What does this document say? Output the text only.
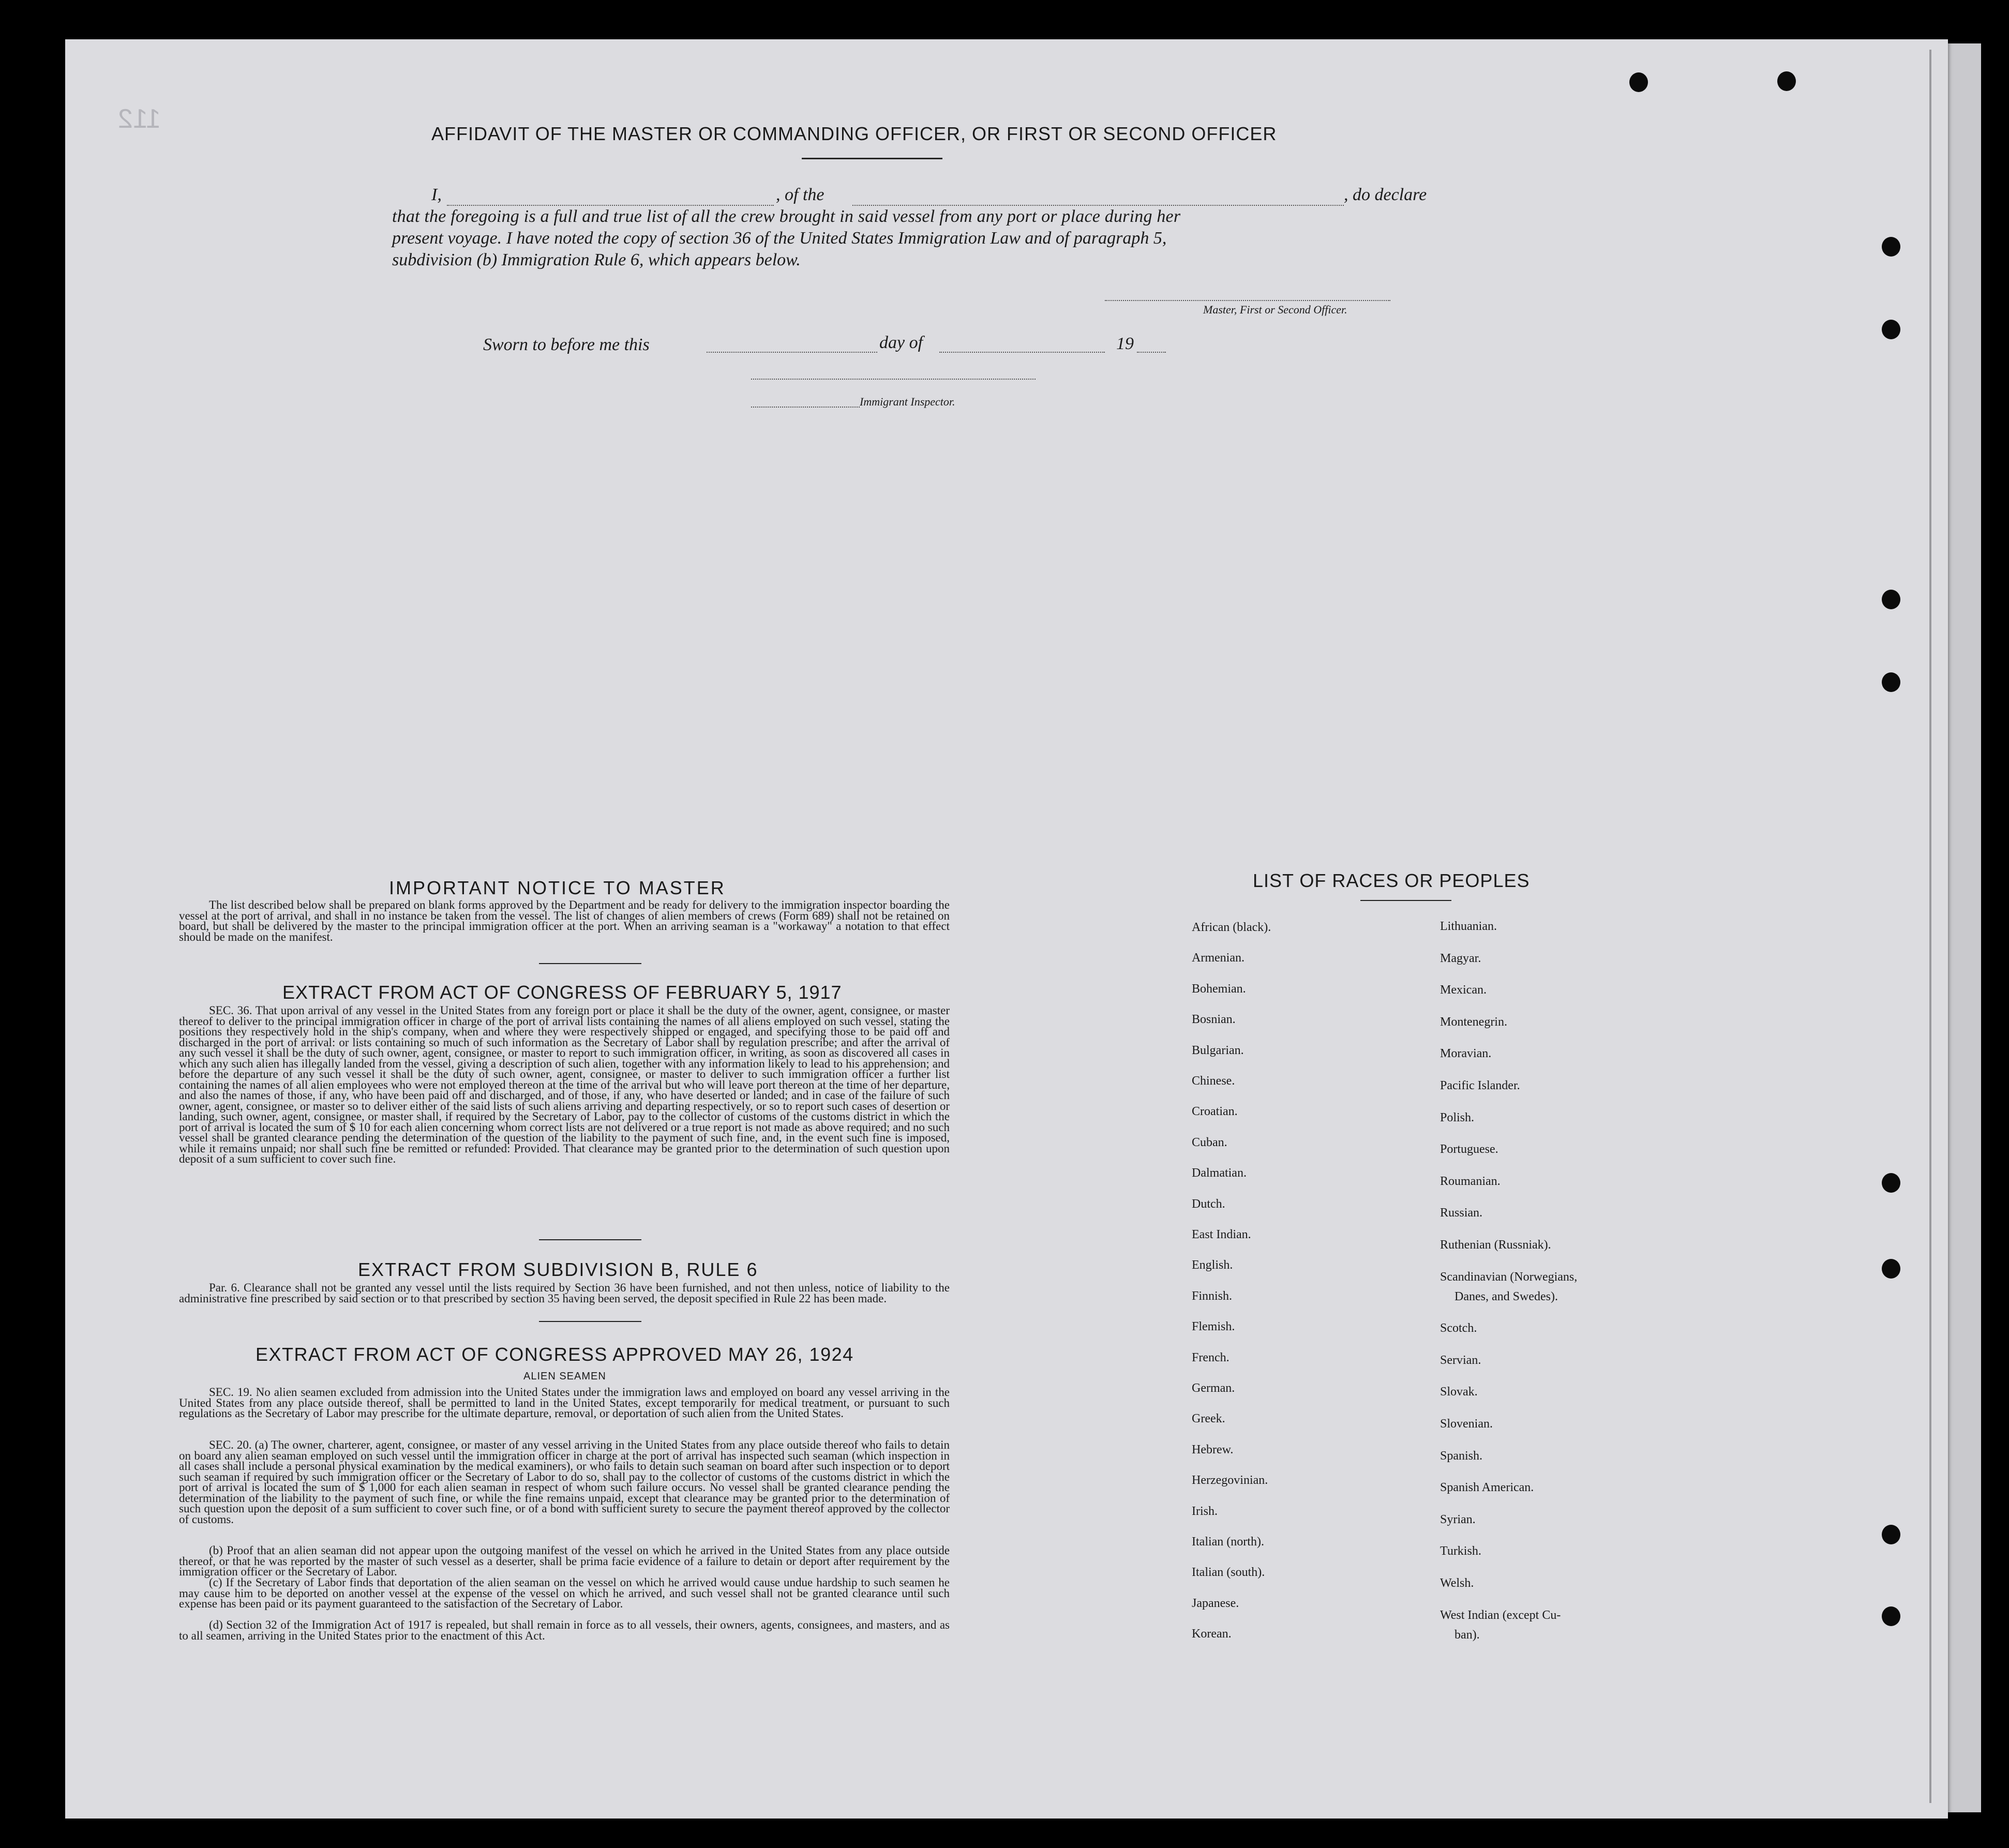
112	AFFIDAVIT OF THE MASTER OR COMMANDING OFFICER, OR FIRST OR SECOND OFFICER
I,	, of the	, do declare
that the foregoing is a full and true list of all the crew brought in said vessel from any port or place during her
present voyage. I have noted the copy of section 36 of the United States Immigration Law and of paragraph 5,
subdivision (b) Immigration Rule 6, which appears below.
Master, First or Second Officer.
Sworn to before me this	day of	19
Immigrant Inspector.
IMPORTANT NOTICE TO MASTER
The list described below shall be prepared on blank forms approved by the Department and be ready for delivery to the immigration inspector boarding the vessel at the port of arrival, and shall in no instance be taken from the vessel. The list of changes of alien members of crews (Form 689) shall not be retained on board, but shall be delivered by the master to the principal immigration officer at the port. When an arriving seaman is a "workaway" a notation to that effect should be made on the manifest.
EXTRACT FROM ACT OF CONGRESS OF FEBRUARY 5, 1917
SEC. 36. That upon arrival of any vessel in the United States from any foreign port or place it shall be the duty of the owner, agent, consignee, or master thereof to deliver to the principal immigration officer in charge of the port of arrival lists containing the names of all aliens employed on such vessel, stating the positions they respectively hold in the ship's company, when and where they were respectively shipped or engaged, and specifying those to be paid off and discharged in the port of arrival: or lists containing so much of such information as the Secretary of Labor shall by regulation prescribe; and after the arrival of any such vessel it shall be the duty of such owner, agent, consignee, or master to report to such immigration officer, in writing, as soon as discovered all cases in which any such alien has illegally landed from the vessel, giving a description of such alien, together with any information likely to lead to his apprehension; and before the departure of any such vessel it shall be the duty of such owner, agent, consignee, or master to deliver to such immigration officer a further list containing the names of all alien employees who were not employed thereon at the time of the arrival but who will leave port thereon at the time of her departure, and also the names of those, if any, who have been paid off and discharged, and of those, if any, who have deserted or landed; and in case of the failure of such owner, agent, consignee, or master so to deliver either of the said lists of such aliens arriving and departing respectively, or so to report such cases of desertion or landing, such owner, agent, consignee, or master shall, if required by the Secretary of Labor, pay to the collector of customs of the customs district in which the port of arrival is located the sum of $ 10 for each alien concerning whom correct lists are not delivered or a true report is not made as above required; and no such vessel shall be granted clearance pending the determination of the question of the liability to the payment of such fine, and, in the event such fine is imposed, while it remains unpaid; nor shall such fine be remitted or refunded: Provided. That clearance may be granted prior to the determination of such question upon deposit of a sum sufficient to cover such fine.
EXTRACT FROM SUBDIVISION B, RULE 6
Par. 6. Clearance shall not be granted any vessel until the lists required by Section 36 have been furnished, and not then unless, notice of liability to the administrative fine prescribed by said section or to that prescribed by section 35 having been served, the deposit specified in Rule 22 has been made.
EXTRACT FROM ACT OF CONGRESS APPROVED MAY 26, 1924
ALIEN SEAMEN
SEC. 19. No alien seamen excluded from admission into the United States under the immigration laws and employed on board any vessel arriving in the United States from any place outside thereof, shall be permitted to land in the United States, except temporarily for medical treatment, or pursuant to such regulations as the Secretary of Labor may prescribe for the ultimate departure, removal, or deportation of such alien from the United States.
SEC. 20. (a) The owner, charterer, agent, consignee, or master of any vessel arriving in the United States from any place outside thereof who fails to detain on board any alien seaman employed on such vessel until the immigration officer in charge at the port of arrival has inspected such seaman (which inspection in all cases shall include a personal physical examination by the medical examiners), or who fails to detain such seaman on board after such inspection or to deport such seaman if required by such immigration officer or the Secretary of Labor to do so, shall pay to the collector of customs of the customs district in which the port of arrival is located the sum of $ 1,000 for each alien seaman in respect of whom such failure occurs. No vessel shall be granted clearance pending the determination of the liability to the payment of such fine, or while the fine remains unpaid, except that clearance may be granted prior to the determination of such question upon the deposit of a sum sufficient to cover such fine, or of a bond with sufficient surety to secure the payment thereof approved by the collector of customs.
(b) Proof that an alien seaman did not appear upon the outgoing manifest of the vessel on which he arrived in the United States from any place outside thereof, or that he was reported by the master of such vessel as a deserter, shall be prima facie evidence of a failure to detain or deport after requirement by the immigration officer or the Secretary of Labor.
(c) If the Secretary of Labor finds that deportation of the alien seaman on the vessel on which he arrived would cause undue hardship to such seamen he may cause him to be deported on another vessel at the expense of the vessel on which he arrived, and such vessel shall not be granted clearance until such expense has been paid or its payment guaranteed to the satisfaction of the Secretary of Labor.
(d) Section 32 of the Immigration Act of 1917 is repealed, but shall remain in force as to all vessels, their owners, agents, consignees, and masters, and as to all seamen, arriving in the United States prior to the enactment of this Act.
LIST OF RACES OR PEOPLES
African (black).
Armenian.
Bohemian.
Bosnian.
Bulgarian.
Chinese.
Croatian.
Cuban.
Dalmatian.
Dutch.
East Indian.
English.
Finnish.
Flemish.
French.
German.
Greek.
Hebrew.
Herzegovinian.
Irish.
Italian (north).
Italian (south).
Japanese.
Korean.
Lithuanian.
Magyar.
Mexican.
Montenegrin.
Moravian.
Pacific Islander.
Polish.
Portuguese.
Roumanian.
Russian.
Ruthenian (Russniak).
Scandinavian (Norwegians,
Danes, and Swedes).
Scotch.
Servian.
Slovak.
Slovenian.
Spanish.
Spanish American.
Syrian.
Turkish.
Welsh.
West Indian (except Cu-
ban).
